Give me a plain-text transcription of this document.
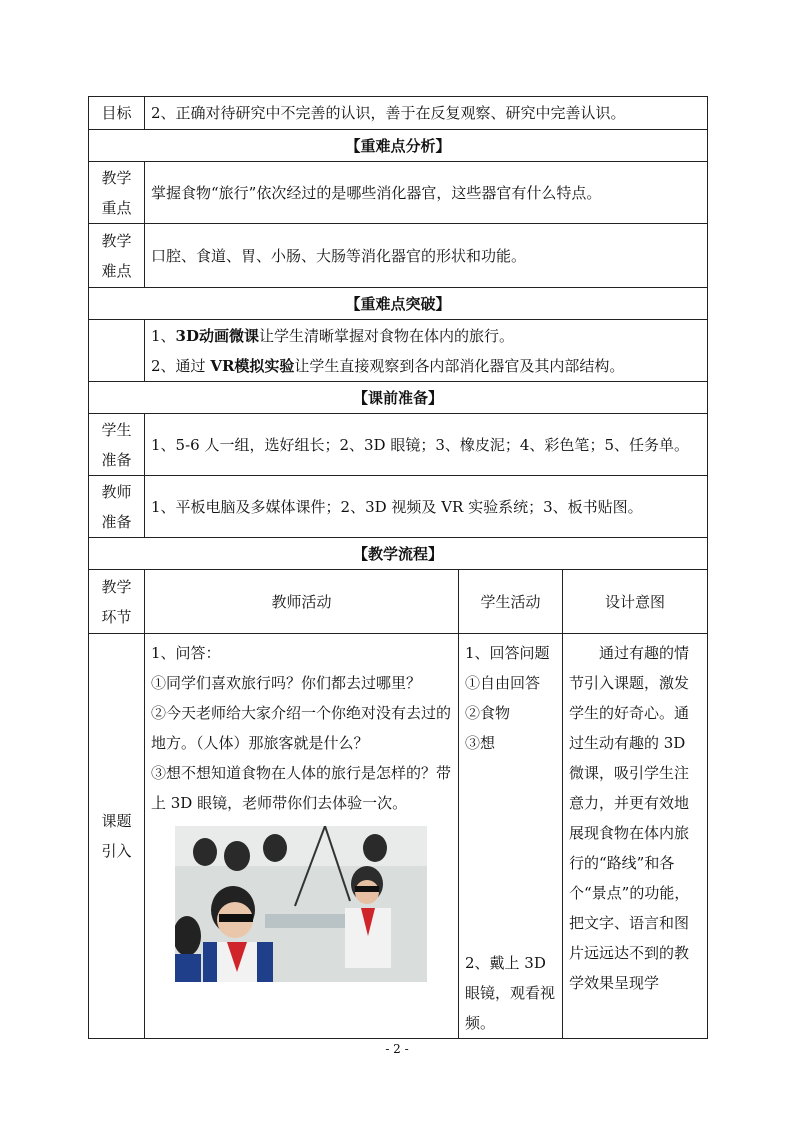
目标	2、正确对待研究中不完善的认识，善于在反复观察、研究中完善认识。		
【重难点分析】			

教学
重点	掌握食物“旅行”依次经过的是哪些消化器官，这些器官有什么特点。		

教学
难点	口腔、食道、胃、小肠、大肠等消化器官的形状和功能。		
【重难点突破】			

	1、3D动画微课让学生清晰掌握对食物在体内的旅行。
2、通过 VR模拟实验让学生直接观察到各内部消化器官及其内部结构。		

【课前准备】			

学生
准备	1、5-6 人一组，选好组长；2、3D 眼镜；3、橡皮泥；4、彩色笔；5、任务单。		

教师
准备	1、平板电脑及多媒体课件；2、3D 视频及 VR 实验系统；3、板书贴图。		
【教学流程】			

教学
环节	教师活动	学生活动	设计意图

课题
引入	1、问答：
①同学们喜欢旅行吗？你们都去过哪里？
②今天老师给大家介绍一个你绝对没有去过的地方。（人体）那旅客就是什么？
③想不想知道食物在人体的旅行是怎样的？带上 3D 眼镜，老师带你们去体验一次。	1、回答问题
①自由回答
②食物
③想
2、戴上 3D 眼镜，观看视频。	通过有趣的情节引入课题，激发学生的好奇心。通过生动有趣的 3D 微课，吸引学生注意力，并更有效地展现食物在体内旅行的“路线”和各个“景点”的功能，把文字、语言和图片远远达不到的教学效果呈现学
- 2 -
